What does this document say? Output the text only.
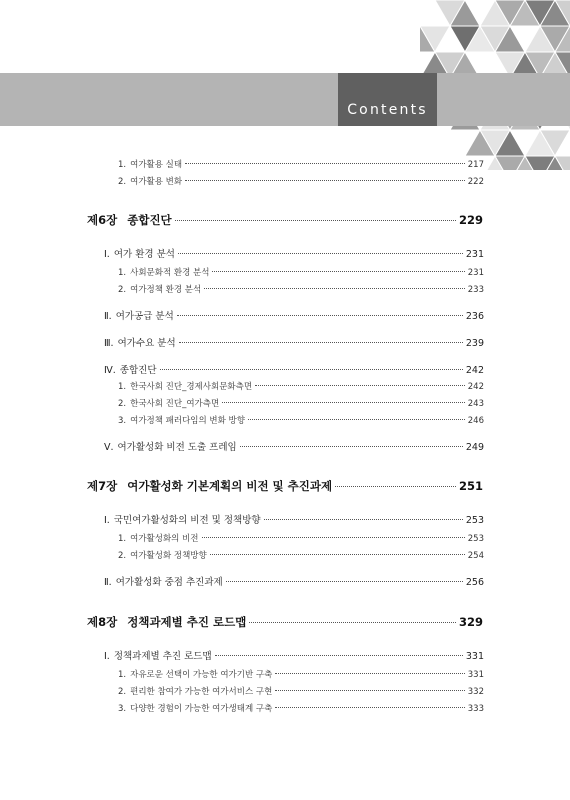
Contents
1. 여가활용 실태	217
2. 여가활용 변화	222
제6장 종합진단	229
Ⅰ. 여가 환경 분석	231
1. 사회문화적 환경 분석	231
2. 여가정책 환경 분석	233
Ⅱ. 여가공급 분석	236
Ⅲ. 여가수요 분석	239
Ⅳ. 종합진단	242
1. 한국사회 진단_경제사회문화측면	242
2. 한국사회 진단_여가측면	243
3. 여가정책 패러다임의 변화 방향	246
Ⅴ. 여가활성화 비전 도출 프레임	249
제7장 여가활성화 기본계획의 비전 및 추진과제	251
Ⅰ. 국민여가활성화의 비전 및 정책방향	253
1. 여가활성화의 비전	253
2. 여가활성화 정책방향	254
Ⅱ. 여가활성화 중점 추진과제	256
제8장 정책과제별 추진 로드맵	329
Ⅰ. 정책과제별 추진 로드맵	331
1. 자유로운 선택이 가능한 여가기반 구축	331
2. 편리한 참여가 가능한 여가서비스 구현	332
3. 다양한 경험이 가능한 여가생태계 구축	333
